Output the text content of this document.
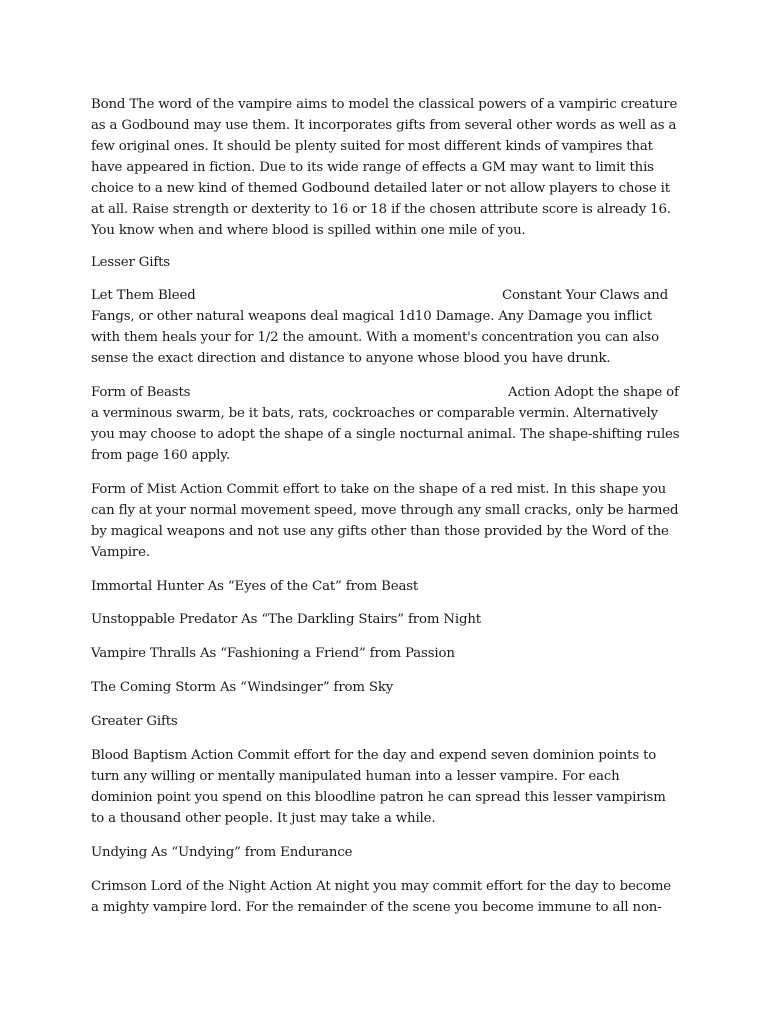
Bond The word of the vampire aims to model the classical powers of a vampiric creature as a Godbound may use them. It incorporates gifts from several other words as well as a few original ones. It should be plenty suited for most different kinds of vampires that have appeared in fiction. Due to its wide range of effects a GM may want to limit this choice to a new kind of themed Godbound detailed later or not allow players to chose it at all. Raise strength or dexterity to 16 or 18 if the chosen attribute score is already 16. You know when and where blood is spilled within one mile of you.
Lesser Gifts
Let Them Bleed	Constant Your Claws and
Fangs, or other natural weapons deal magical 1d10 Damage. Any Damage you inflict with them heals your for 1/2 the amount. With a moment's concentration you can also sense the exact direction and distance to anyone whose blood you have drunk.
Form of Beasts	Action Adopt the shape of
a verminous swarm, be it bats, rats, cockroaches or comparable vermin. Alternatively you may choose to adopt the shape of a single nocturnal animal. The shape-shifting rules from page 160 apply.
Form of Mist Action Commit effort to take on the shape of a red mist. In this shape you can fly at your normal movement speed, move through any small cracks, only be harmed by magical weapons and not use any gifts other than those provided by the Word of the Vampire.
Immortal Hunter As “Eyes of the Cat” from Beast
Unstoppable Predator As “The Darkling Stairs” from Night
Vampire Thralls As “Fashioning a Friend” from Passion
The Coming Storm As “Windsinger” from Sky
Greater Gifts
Blood Baptism Action Commit effort for the day and expend seven dominion points to turn any willing or mentally manipulated human into a lesser vampire. For each dominion point you spend on this bloodline patron he can spread this lesser vampirism to a thousand other people. It just may take a while.
Undying As “Undying” from Endurance
Crimson Lord of the Night Action At night you may commit effort for the day to become a mighty vampire lord. For the remainder of the scene you become immune to all non-
